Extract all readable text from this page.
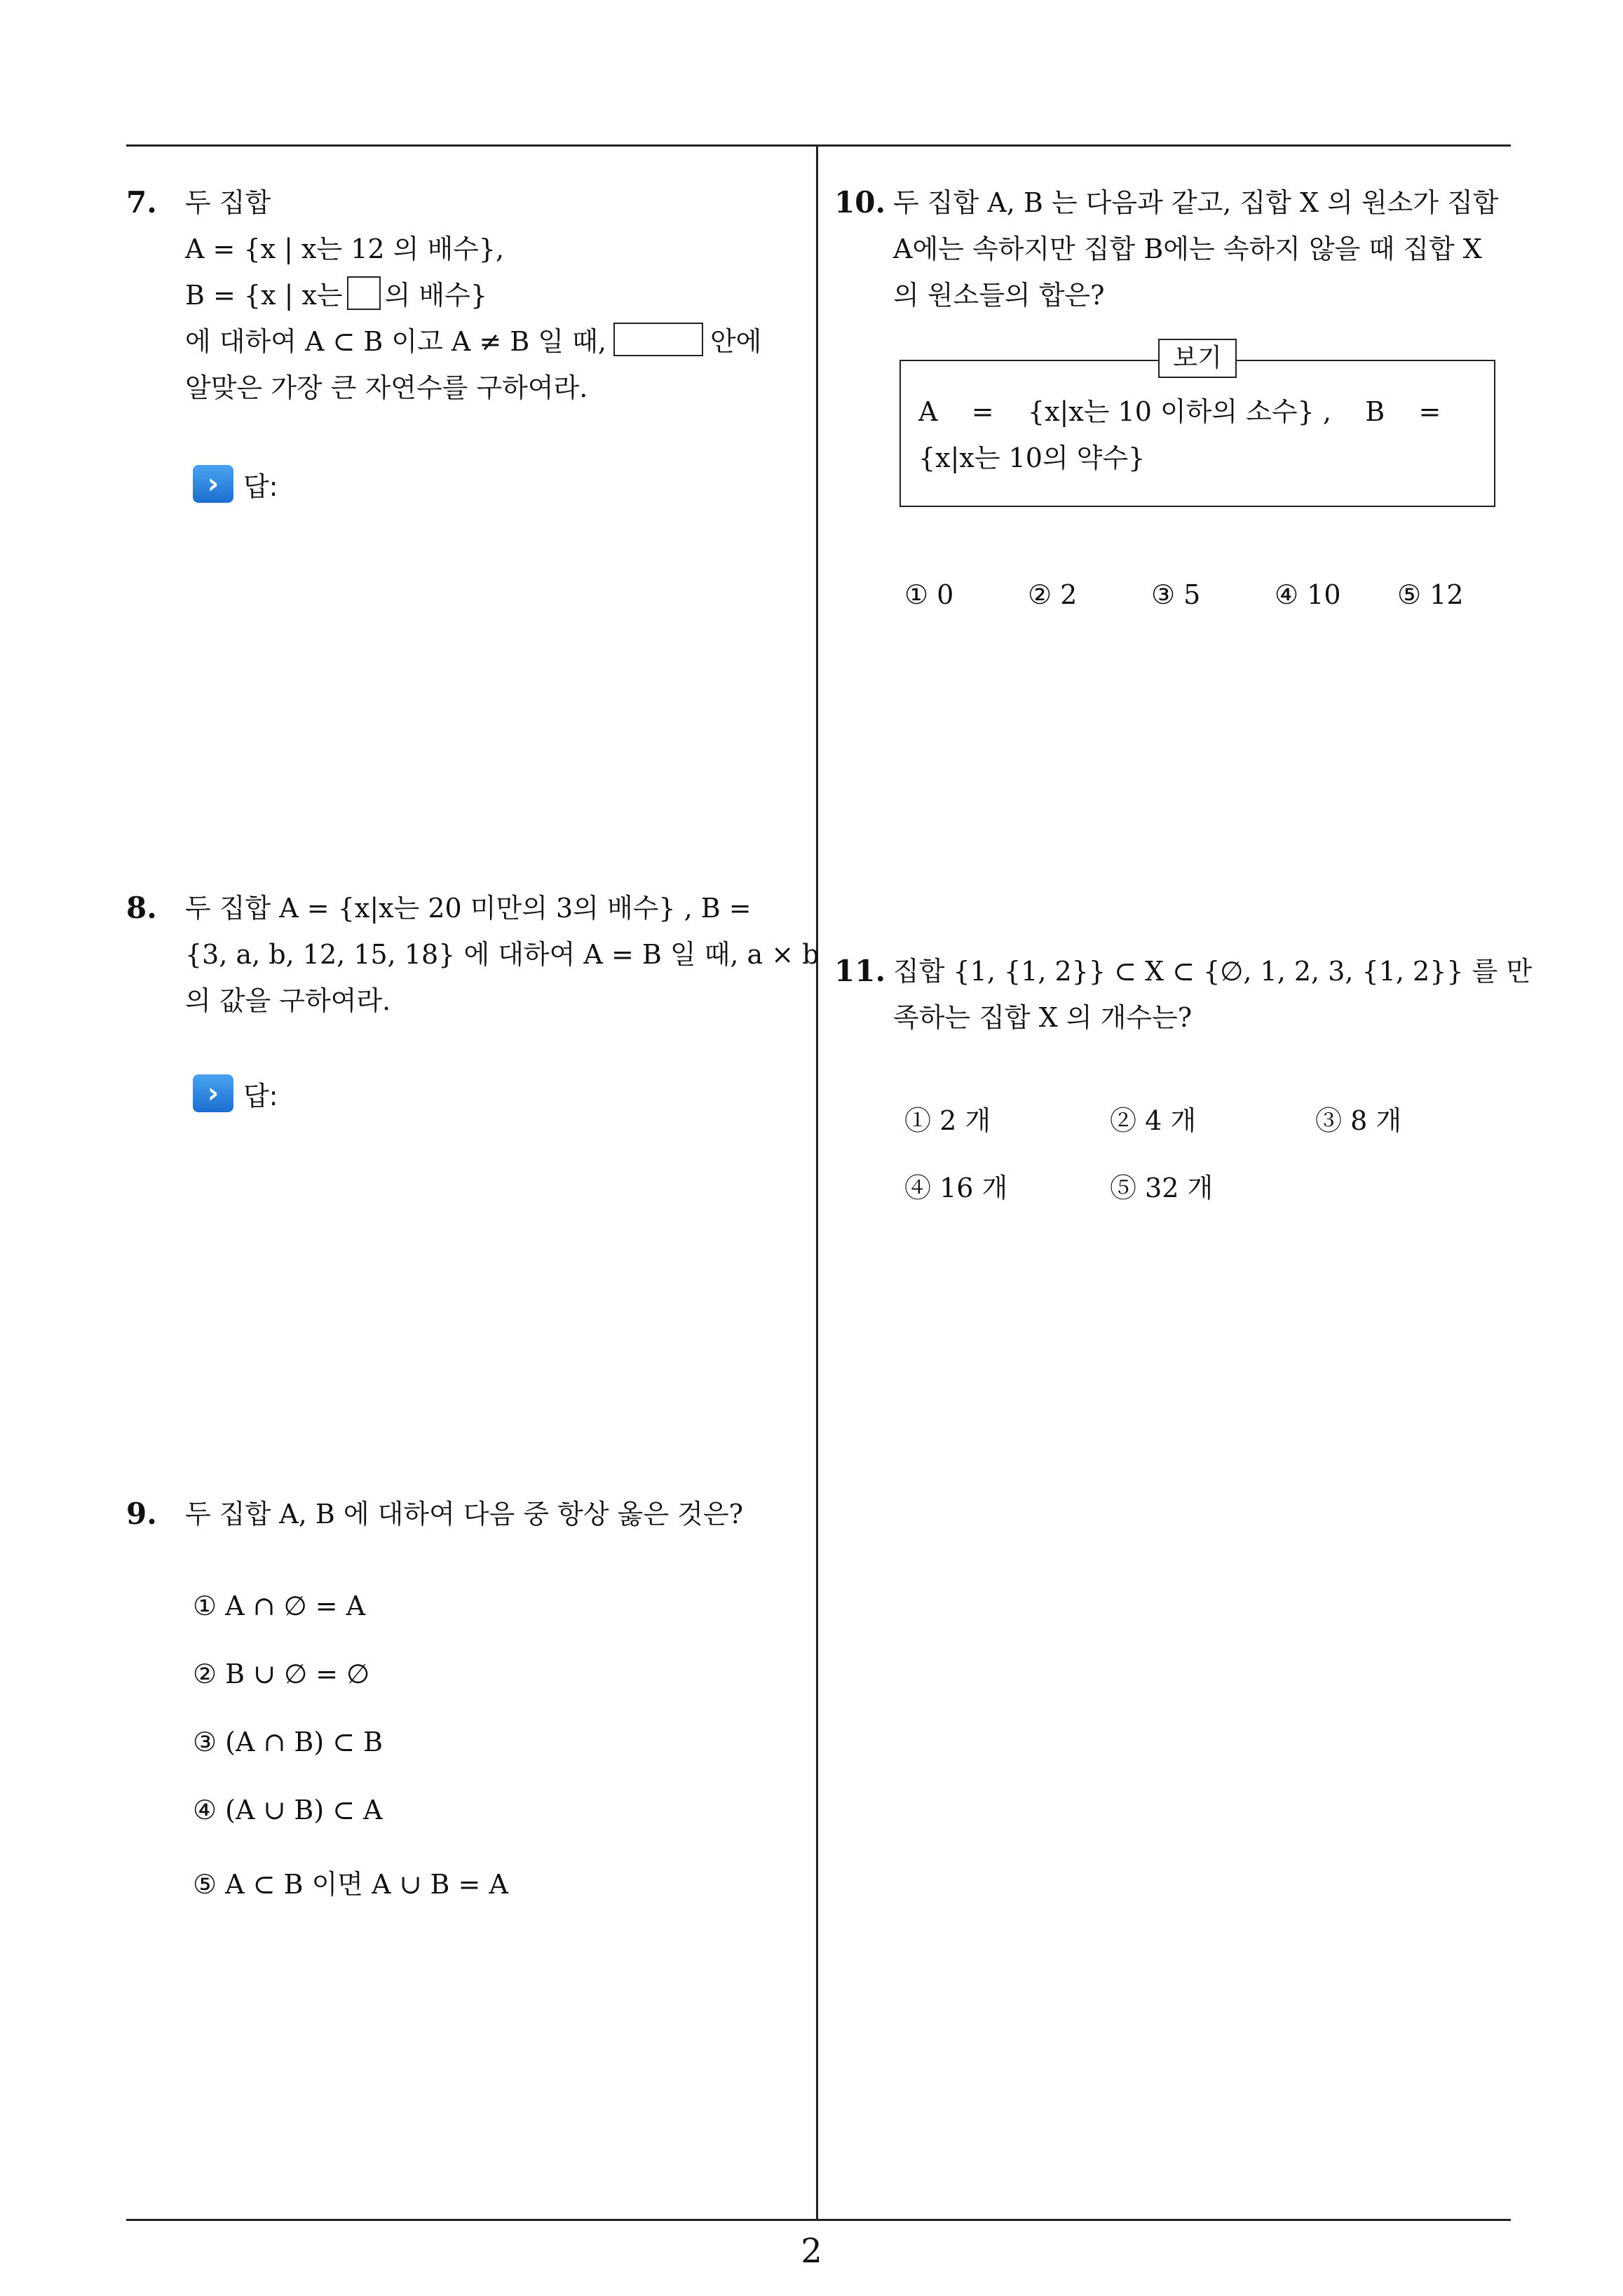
7. 두 집합
A = {x | x는 12 의 배수},
B = {x | x는 의 배수}
에 대하여 A ⊂ B 이고 A ≠ B 일 때,	안에
알맞은 가장 큰 자연수를 구하여라.
› 답:
8. 두 집합 A = {x|x는 20 미만의 3의 배수} , B =
{3, a, b, 12, 15, 18} 에 대하여 A = B 일 때, a × b
의 값을 구하여라.
› 답:
9. 두 집합 A, B 에 대하여 다음 중 항상 옳은 것은?
① A ∩ ∅ = A
② B ∪ ∅ = ∅
③ (A ∩ B) ⊂ B
④ (A ∪ B) ⊂ A
⑤ A ⊂ B 이면 A ∪ B = A
10. 두 집합 A, B 는 다음과 같고, 집합 X 의 원소가 집합
A에는 속하지만 집합 B에는 속하지 않을 때 집합 X
의 원소들의 합은?
보기
A    =    {x|x는 10 이하의 소수} ,    B    =
{x|x는 10의 약수}
① 0	② 2	③ 5	④ 10 ⑤ 12
11. 집합 {1, {1, 2}} ⊂ X ⊂ {∅, 1, 2, 3, {1, 2}} 를 만
족하는 집합 X 의 개수는?
① 2 개	② 4 개	③ 8 개
④ 16 개	⑤ 32 개
2
